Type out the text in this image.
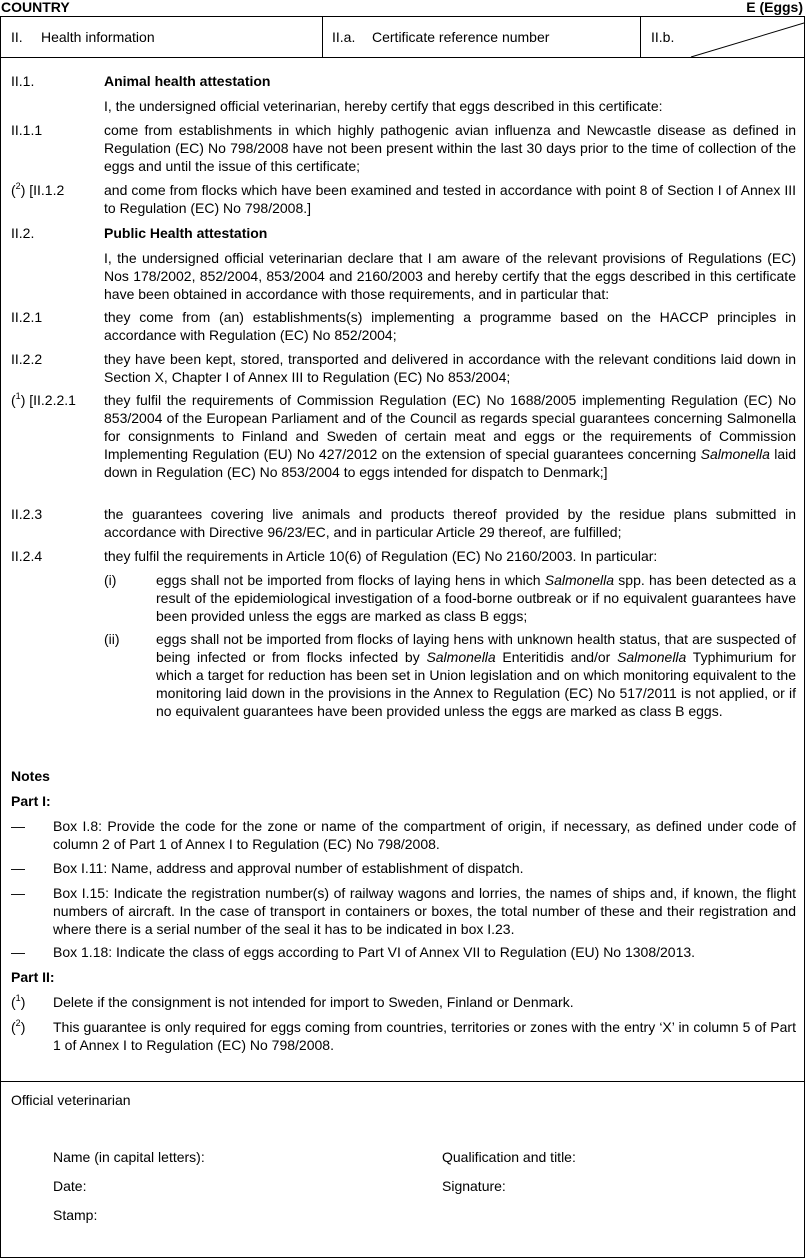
COUNTRY	E (Eggs)
II. Health information	II.a. Certificate reference number	II.b.
II.1.	Animal health attestation
I, the undersigned official veterinarian, hereby certify that eggs described in this certificate:
II.1.1	come from establishments in which highly pathogenic avian influenza and Newcastle disease as defined in Regulation (EC) No 798/2008 have not been present within the last 30 days prior to the time of collection of the eggs and until the issue of this certificate;
($^2$) [II.1.2	and come from flocks which have been examined and tested in accordance with point 8 of Section I of Annex III to Regulation (EC) No 798/2008.]
II.2.	Public Health attestation
I, the undersigned official veterinarian declare that I am aware of the relevant provisions of Regulations (EC) Nos 178/2002, 852/2004, 853/2004 and 2160/2003 and hereby certify that the eggs described in this certificate have been obtained in accordance with those requirements, and in particular that:
II.2.1	they come from (an) establishments(s) implementing a programme based on the HACCP principles in accordance with Regulation (EC) No 852/2004;
II.2.2	they have been kept, stored, transported and delivered in accordance with the relevant conditions laid down in Section X, Chapter I of Annex III to Regulation (EC) No 853/2004;
($^1$) [II.2.2.1 they fulfil the requirements of Commission Regulation (EC) No 1688/2005 implementing Regulation (EC) No 853/2004 of the European Parliament and of the Council as regards special guarantees concerning Salmonella for consignments to Finland and Sweden of certain meat and eggs or the requirements of Commission Implementing Regulation (EU) No 427/2012 on the extension of special guarantees concerning Salmonella laid down in Regulation (EC) No 853/2004 to eggs intended for dispatch to Denmark;]
II.2.3	the guarantees covering live animals and products thereof provided by the residue plans submitted in accordance with Directive 96/23/EC, and in particular Article 29 thereof, are fulfilled;
II.2.4	they fulfil the requirements in Article 10(6) of Regulation (EC) No 2160/2003. In particular:
(i)	eggs shall not be imported from flocks of laying hens in which Salmonella spp. has been detected as a result of the epidemiological investigation of a food-borne outbreak or if no equivalent guarantees have been provided unless the eggs are marked as class B eggs;
(ii)	eggs shall not be imported from flocks of laying hens with unknown health status, that are suspected of being infected or from flocks infected by Salmonella Enteritidis and/or Salmonella Typhimurium for which a target for reduction has been set in Union legislation and on which monitoring equivalent to the monitoring laid down in the provisions in the Annex to Regulation (EC) No 517/2011 is not applied, or if no equivalent guarantees have been provided unless the eggs are marked as class B eggs.
Notes
Part I:
— Box I.8: Provide the code for the zone or name of the compartment of origin, if necessary, as defined under code of column 2 of Part 1 of Annex I to Regulation (EC) No 798/2008.
— Box I.11: Name, address and approval number of establishment of dispatch.
— Box I.15: Indicate the registration number(s) of railway wagons and lorries, the names of ships and, if known, the flight numbers of aircraft. In the case of transport in containers or boxes, the total number of these and their registration and where there is a serial number of the seal it has to be indicated in box I.23.
— Box 1.18: Indicate the class of eggs according to Part VI of Annex VII to Regulation (EU) No 1308/2013.
Part II:
($^1$) Delete if the consignment is not intended for import to Sweden, Finland or Denmark.
($^2$) This guarantee is only required for eggs coming from countries, territories or zones with the entry ‘X’ in column 5 of Part 1 of Annex I to Regulation (EC) No 798/2008.
Official veterinarian
Name (in capital letters):	Qualification and title:
Date:	Signature:
Stamp:
